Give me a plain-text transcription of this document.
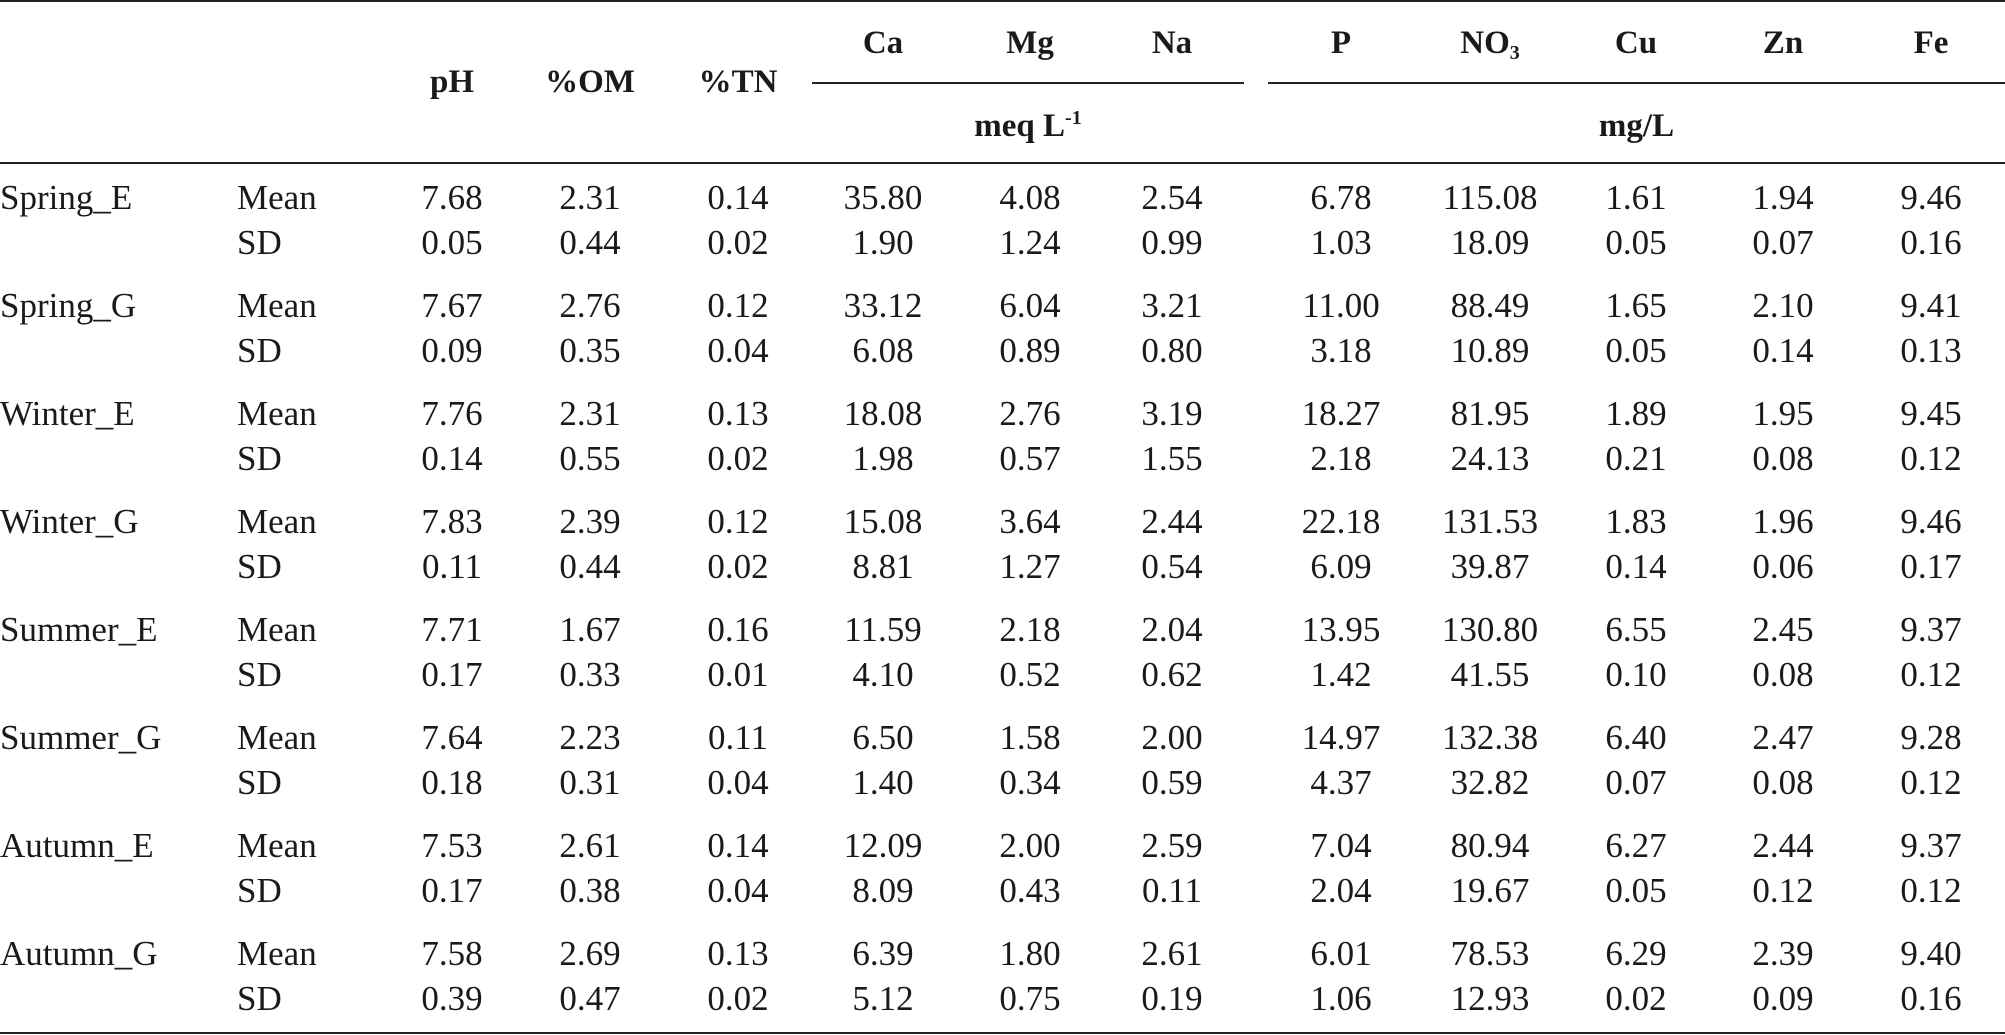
meq $L^{-1}$	mg/L
pH	%OM	%TN
Ca	Mg	Na	P	$NO_3$	Cu	Zn	Fe
Spring_E	Mean	7.68 2.31 0.14 35.80 4.08 2.54	6.78 115.08 1.61 1.94 9.46
SD	0.05 0.44 0.02 1.90 1.24 0.99	1.03 18.09 0.05 0.07 0.16
Spring_G	Mean	7.67 2.76 0.12 33.12 6.04 3.21	11.00 88.49 1.65 2.10 9.41
SD	0.09 0.35 0.04 6.08 0.89 0.80	3.18 10.89 0.05 0.14 0.13
Winter_E	Mean	7.76 2.31 0.13 18.08 2.76 3.19	18.27 81.95 1.89 1.95 9.45
SD	0.14 0.55 0.02 1.98 0.57 1.55	2.18 24.13 0.21 0.08 0.12
Winter_G	Mean	7.83 2.39 0.12 15.08 3.64 2.44	22.18 131.53 1.83 1.96 9.46
SD	0.11 0.44 0.02 8.81 1.27 0.54	6.09 39.87 0.14 0.06 0.17
Summer_E Mean	7.71 1.67 0.16 11.59 2.18 2.04	13.95 130.80 6.55 2.45 9.37
SD	0.17 0.33 0.01 4.10 0.52 0.62	1.42 41.55 0.10 0.08 0.12
Summer_G Mean	7.64 2.23 0.11 6.50 1.58 2.00	14.97 132.38 6.40 2.47 9.28
SD	0.18 0.31 0.04 1.40 0.34 0.59	4.37 32.82 0.07 0.08 0.12
Autumn_E Mean	7.53 2.61 0.14 12.09 2.00 2.59	7.04 80.94 6.27 2.44 9.37
SD	0.17 0.38 0.04 8.09 0.43 0.11	2.04 19.67 0.05 0.12 0.12
Autumn_G Mean	7.58 2.69 0.13 6.39 1.80 2.61	6.01 78.53 6.29 2.39 9.40
SD	0.39 0.47 0.02 5.12 0.75 0.19	1.06 12.93 0.02 0.09 0.16
